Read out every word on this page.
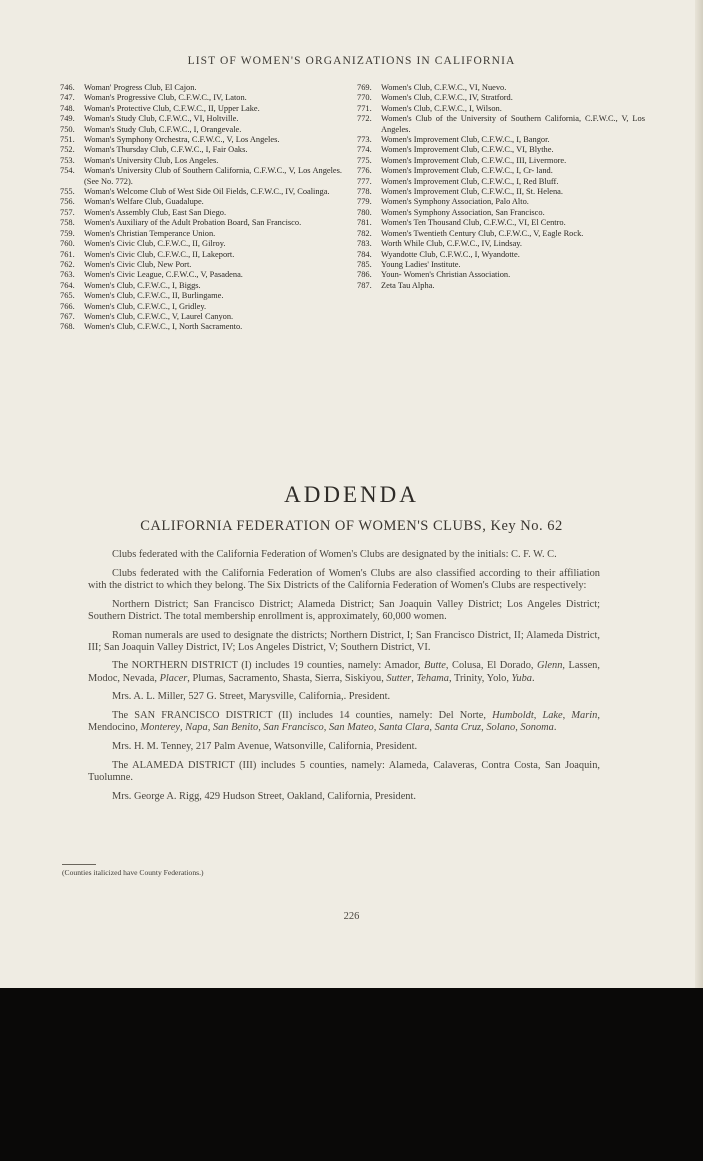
LIST OF WOMEN'S ORGANIZATIONS IN CALIFORNIA
746. Woman' Progress Club, El Cajon.
747. Woman's Progressive Club, C.F.W.C., IV, Laton.
748. Woman's Protective Club, C.F.W.C., II, Upper Lake.
749. Woman's Study Club, C.F.W.C., VI, Holtville.
750. Woman's Study Club, C.F.W.C., I, Orangevale.
751. Woman's Symphony Orchestra, C.F.W.C., V, Los Angeles.
752. Woman's Thursday Club, C.F.W.C., I, Fair Oaks.
753. Woman's University Club, Los Angeles.
754. Woman's University Club of Southern California, C.F.W.C., V, Los Angeles. (See No. 772).
755. Woman's Welcome Club of West Side Oil Fields, C.F.W.C., IV, Coalinga.
756. Woman's Welfare Club, Guadalupe.
757. Women's Assembly Club, East San Diego.
758. Women's Auxiliary of the Adult Probation Board, San Francisco.
759. Women's Christian Temperance Union.
760. Women's Civic Club, C.F.W.C., II, Gilroy.
761. Women's Civic Club, C.F.W.C., II, Lakeport.
762. Women's Civic Club, New Port.
763. Women's Civic League, C.F.W.C., V, Pasadena.
764. Women's Club, C.F.W.C., I, Biggs.
765. Women's Club, C.F.W.C., II, Burlingame.
766. Women's Club, C.F.W.C., I, Gridley.
767. Women's Club, C.F.W.C., V, Laurel Canyon.
768. Women's Club, C.F.W.C., I, North Sacramento.
769. Women's Club, C.F.W.C., VI, Nuevo.
770. Women's Club, C.F.W.C., IV, Stratford.
771. Women's Club, C.F.W.C., I, Wilson.
772. Women's Club of the University of Southern California, C.F.W.C., V, Los Angeles.
773. Women's Improvement Club, C.F.W.C., I, Bangor.
774. Women's Improvement Club, C.F.W.C., VI, Blythe.
775. Women's Improvement Club, C.F.W.C., III, Livermore.
776. Women's Improvement Club, C.F.W.C., I, Cr- land.
777. Women's Improvement Club, C.F.W.C., I, Red Bluff.
778. Women's Improvement Club, C.F.W.C., II, St. Helena.
779. Women's Symphony Association, Palo Alto.
780. Women's Symphony Association, San Francisco.
781. Women's Ten Thousand Club, C.F.W.C., VI, El Centro.
782. Women's Twentieth Century Club, C.F.W.C., V, Eagle Rock.
783. Worth While Club, C.F.W.C., IV, Lindsay.
784. Wyandotte Club, C.F.W.C., I, Wyandotte.
785. Young Ladies' Institute.
786. Youn- Women's Christian Association.
787. Zeta Tau Alpha.
ADDENDA
CALIFORNIA FEDERATION OF WOMEN'S CLUBS, Key No. 62

Clubs federated with the California Federation of Women's Clubs are designated by the initials: C. F. W. C.

Clubs federated with the California Federation of Women's Clubs are also classified according to their affiliation with the district to which they belong. The Six Districts of the California Federation of Women's Clubs are respectively:

Northern District; San Francisco District; Alameda District; San Joaquin Valley District; Los Angeles District; Southern District. The total membership enrollment is, approximately, 60,000 women.

Roman numerals are used to designate the districts; Northern District, I; San Francisco District, II; Alameda District, III; San Joaquin Valley District, IV; Los Angeles District, V; Southern District, VI.

The NORTHERN DISTRICT (I) includes 19 counties, namely: Amador, Butte, Colusa, El Dorado, Glenn, Lassen, Modoc, Nevada, Placer, Plumas, Sacramento, Shasta, Sierra, Siskiyou, Sutter, Tehama, Trinity, Yolo, Yuba.

Mrs. A. L. Miller, 527 G. Street, Marysville, California,. President.

The SAN FRANCISCO DISTRICT (II) includes 14 counties, namely: Del Norte, Humboldt, Lake, Marin, Mendocino, Monterey, Napa, San Benito, San Francisco, San Mateo, Santa Clara, Santa Cruz, Solano, Sonoma.

Mrs. H. M. Tenney, 217 Palm Avenue, Watsonville, California, President.

The ALAMEDA DISTRICT (III) includes 5 counties, namely: Alameda, Calaveras, Contra Costa, San Joaquin, Tuolumne.

Mrs. George A. Rigg, 429 Hudson Street, Oakland, California, President.

(Counties italicized have County Federations.)
226
